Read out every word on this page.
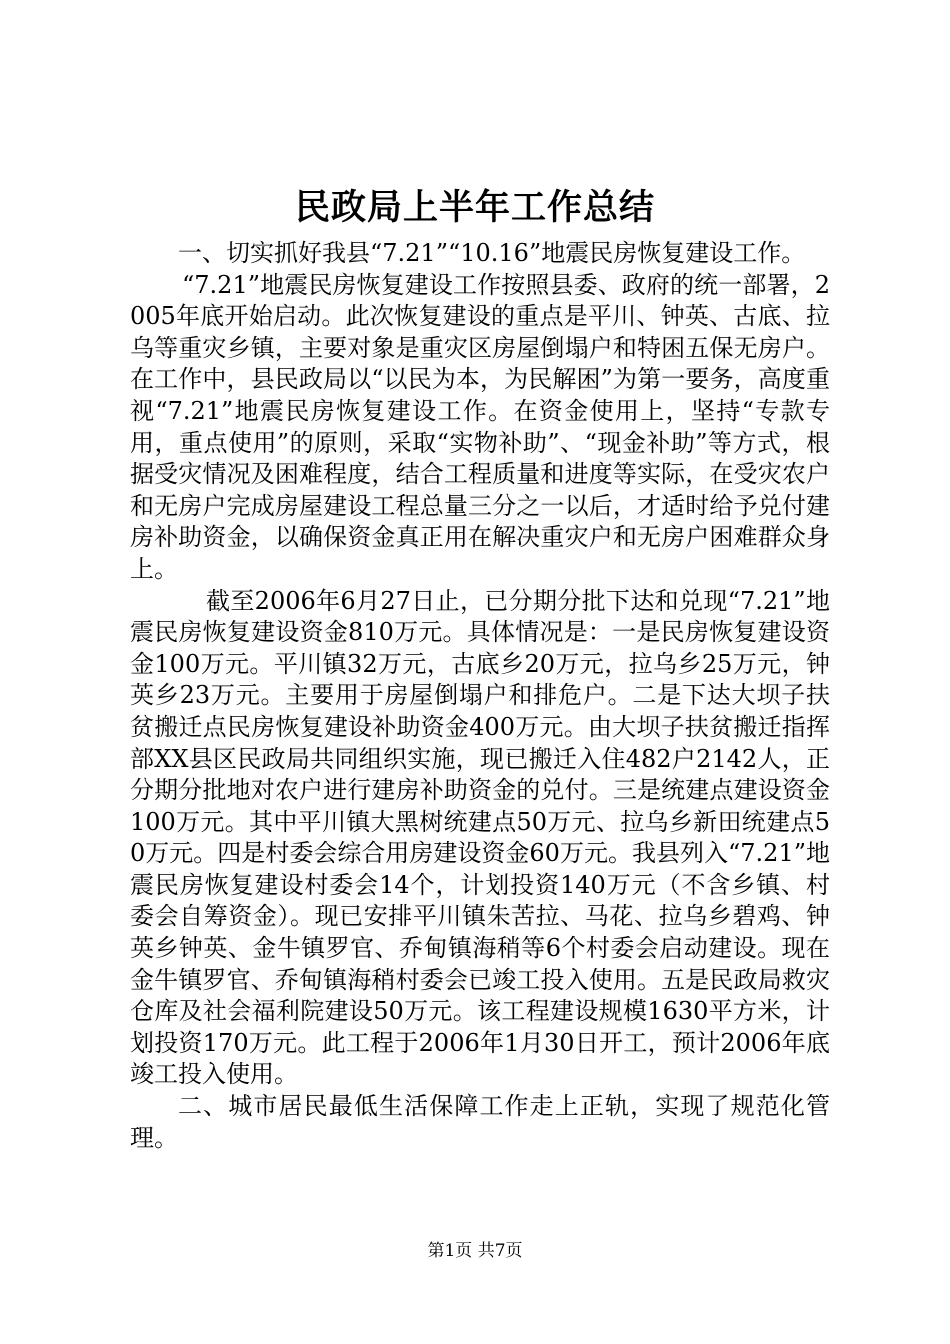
民政局上半年工作总结

一、切实抓好我县“7.21”“10.16”地震民房恢复建设工作。

“7.21”地震民房恢复建设工作按照县委、政府的统一部署，2005年底开始启动。此次恢复建设的重点是平川、钟英、古底、拉乌等重灾乡镇，主要对象是重灾区房屋倒塌户和特困五保无房户。在工作中，县民政局以“以民为本，为民解困”为第一要务，高度重视“7.21”地震民房恢复建设工作。在资金使用上，坚持“专款专用，重点使用”的原则，采取“实物补助”、“现金补助”等方式，根据受灾情况及困难程度，结合工程质量和进度等实际，在受灾农户和无房户完成房屋建设工程总量三分之一以后，才适时给予兑付建房补助资金，以确保资金真正用在解决重灾户和无房户困难群众身上。

截至2006年6月27日止，已分期分批下达和兑现“7.21”地震民房恢复建设资金810万元。具体情况是：一是民房恢复建设资金100万元。平川镇32万元，古底乡20万元，拉乌乡25万元，钟英乡23万元。主要用于房屋倒塌户和排危户。二是下达大坝子扶贫搬迁点民房恢复建设补助资金400万元。由大坝子扶贫搬迁指挥部XX县区民政局共同组织实施，现已搬迁入住482户2142人，正分期分批地对农户进行建房补助资金的兑付。三是统建点建设资金100万元。其中平川镇大黑树统建点50万元、拉乌乡新田统建点50万元。四是村委会综合用房建设资金60万元。我县列入“7.21”地震民房恢复建设村委会14个，计划投资140万元（不含乡镇、村委会自筹资金）。现已安排平川镇朱苦拉、马花、拉乌乡碧鸡、钟英乡钟英、金牛镇罗官、乔甸镇海稍等6个村委会启动建设。现在金牛镇罗官、乔甸镇海稍村委会已竣工投入使用。五是民政局救灾仓库及社会福利院建设50万元。该工程建设规模1630平方米，计划投资170万元。此工程于2006年1月30日开工，预计2006年底竣工投入使用。

二、城市居民最低生活保障工作走上正轨，实现了规范化管理。

第1页 共7页
